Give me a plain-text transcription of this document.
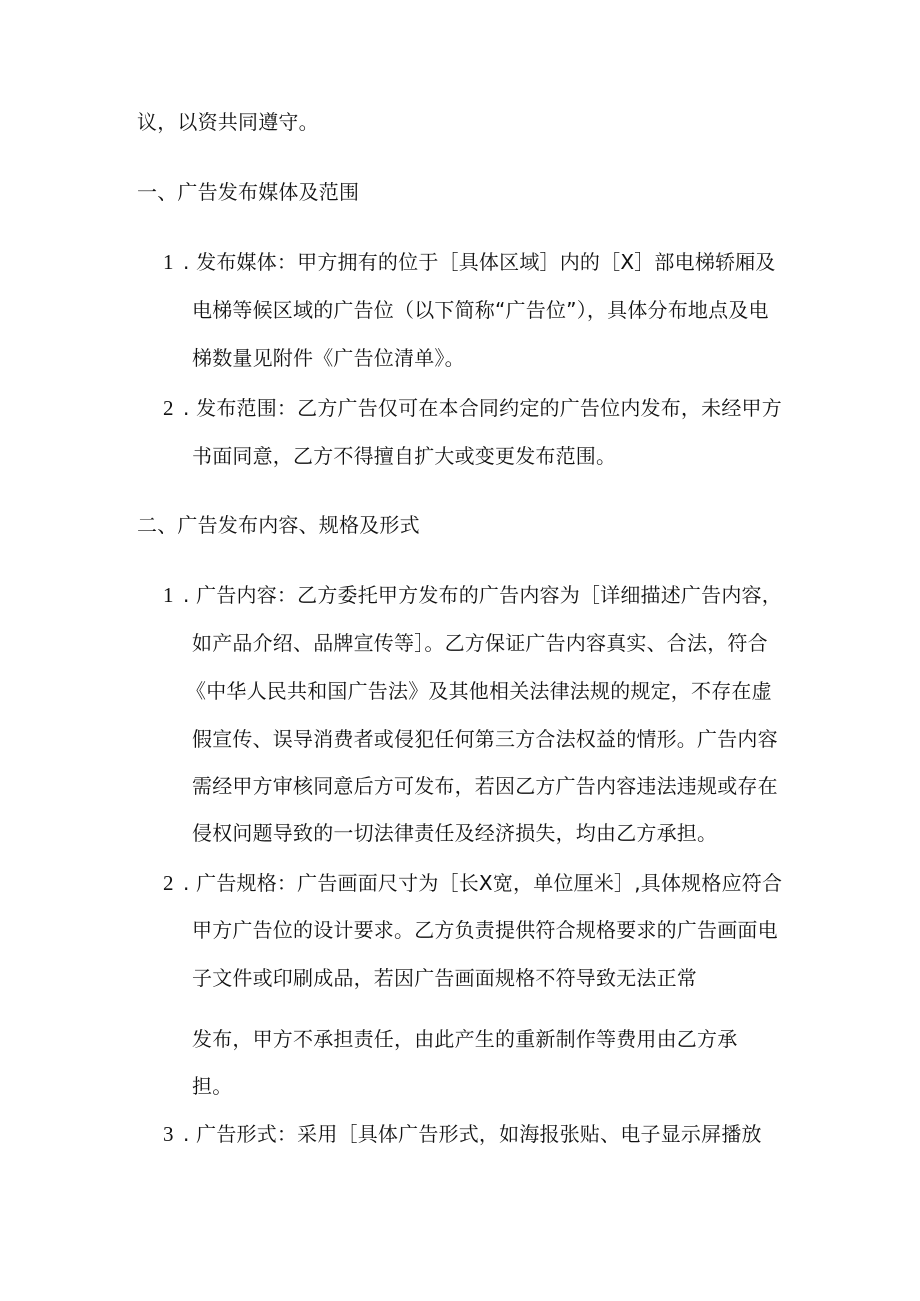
议，以资共同遵守。
一、广告发布媒体及范围
1 . 发布媒体：甲方拥有的位于［具体区域］内的［X］部电梯轿厢及
电梯等候区域的广告位（以下简称“广告位”），具体分布地点及电
梯数量见附件《广告位清单》。
2 . 发布范围：乙方广告仅可在本合同约定的广告位内发布，未经甲方
书面同意，乙方不得擅自扩大或变更发布范围。
二、广告发布内容、规格及形式
1 . 广告内容：乙方委托甲方发布的广告内容为［详细描述广告内容，
如产品介绍、品牌宣传等］。乙方保证广告内容真实、合法，符合
《中华人民共和国广告法》及其他相关法律法规的规定，不存在虚
假宣传、误导消费者或侵犯任何第三方合法权益的情形。广告内容
需经甲方审核同意后方可发布，若因乙方广告内容违法违规或存在
侵权问题导致的一切法律责任及经济损失，均由乙方承担。
2 . 广告规格：广告画面尺寸为［长X宽，单位厘米］,具体规格应符合
甲方广告位的设计要求。乙方负责提供符合规格要求的广告画面电
子文件或印刷成品，若因广告画面规格不符导致无法正常
发布，甲方不承担责任，由此产生的重新制作等费用由乙方承
担。
3 . 广告形式：采用［具体广告形式，如海报张贴、电子显示屏播放
